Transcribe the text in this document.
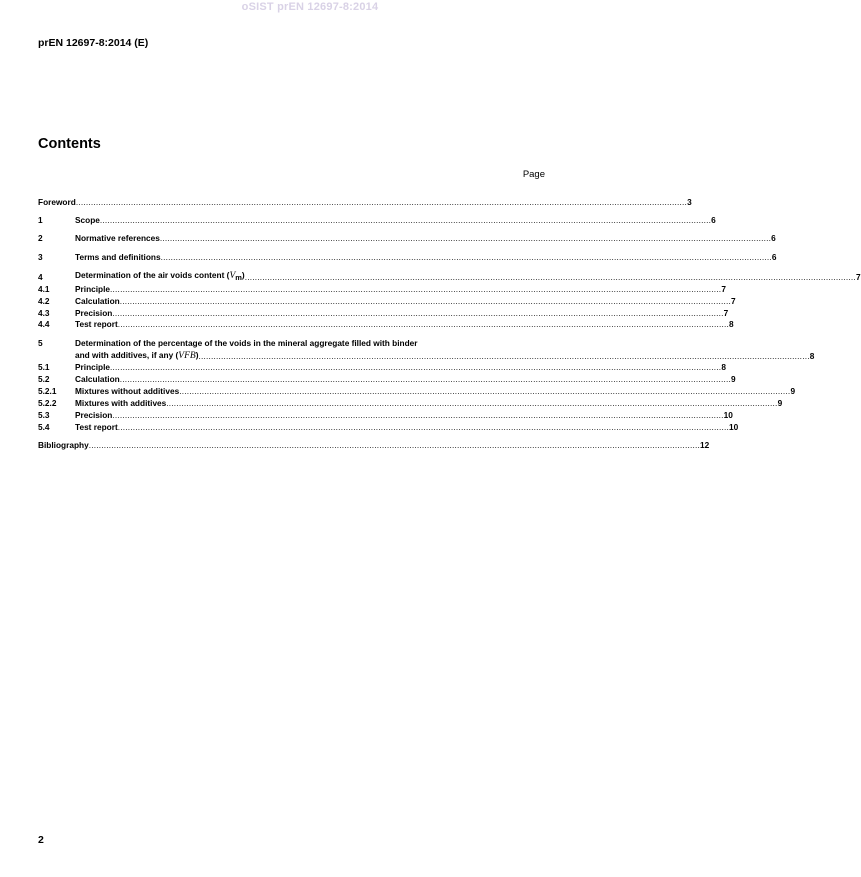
oSIST prEN 12697-8:2014
prEN 12697-8:2014 (E)
Contents
Page
Foreword .....	3
1	Scope .....	6
2	Normative references .....	6
3	Terms and definitions .....	6
4	Determination of the air voids content (Vm) .....	7
4.1	Principle .....	7
4.2	Calculation .....	7
4.3	Precision .....	7
4.4	Test report .....	8
5	Determination of the percentage of the voids in the mineral aggregate filled with binder
and with additives, if any (VFB) .....	8
5.1	Principle .....	8
5.2	Calculation .....	9
5.2.1	Mixtures without additives .....	9
5.2.2	Mixtures with additives .....	9
5.3	Precision .....	10
5.4	Test report .....	10
Bibliography .....	12
2
